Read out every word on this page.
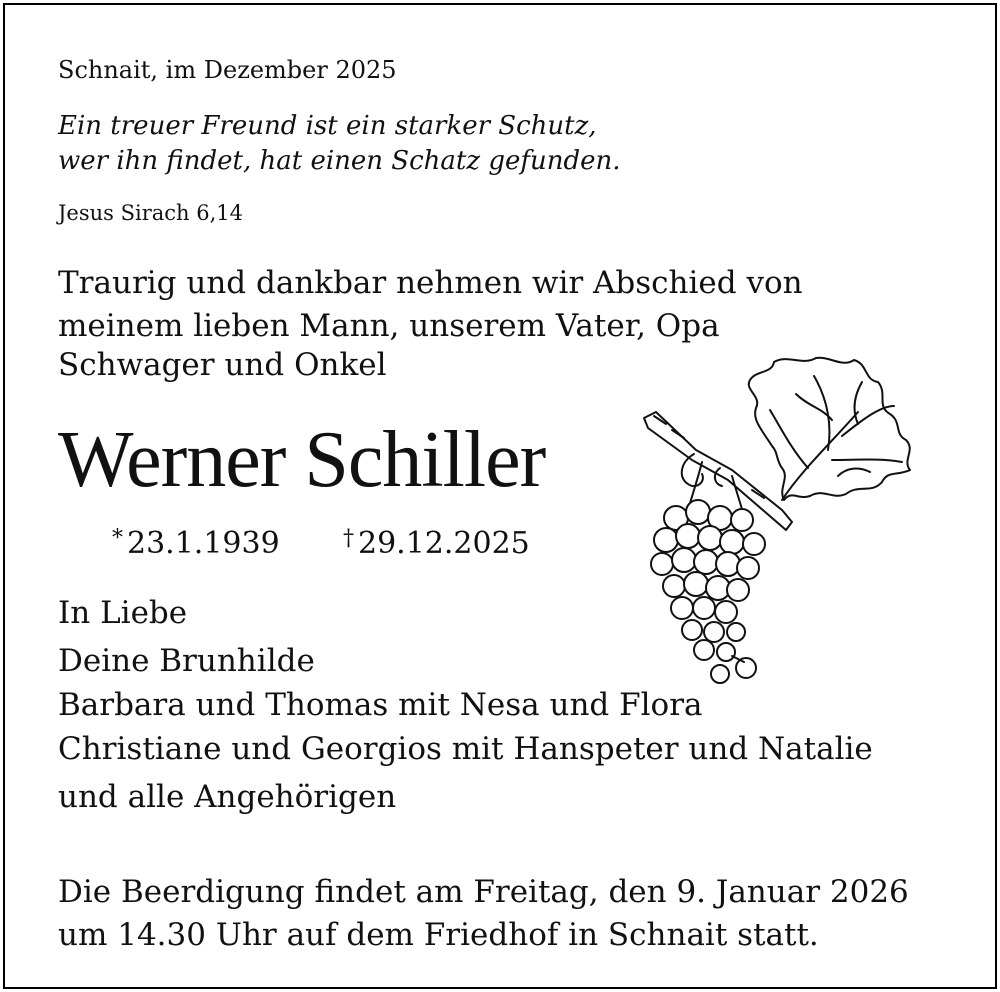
Schnait, im Dezember 2025
Ein treuer Freund ist ein starker Schutz,
wer ihn findet, hat einen Schatz gefunden.
Jesus Sirach 6,14
Traurig und dankbar nehmen wir Abschied von
meinem lieben Mann, unserem Vater, Opa
Schwager und Onkel
Werner Schiller
* 23.1.1939	† 29.12.2025
In Liebe
Deine Brunhilde
Barbara und Thomas mit Nesa und Flora
Christiane und Georgios mit Hanspeter und Natalie
und alle Angehörigen
Die Beerdigung findet am Freitag, den 9. Januar 2026
um 14.30 Uhr auf dem Friedhof in Schnait statt.
